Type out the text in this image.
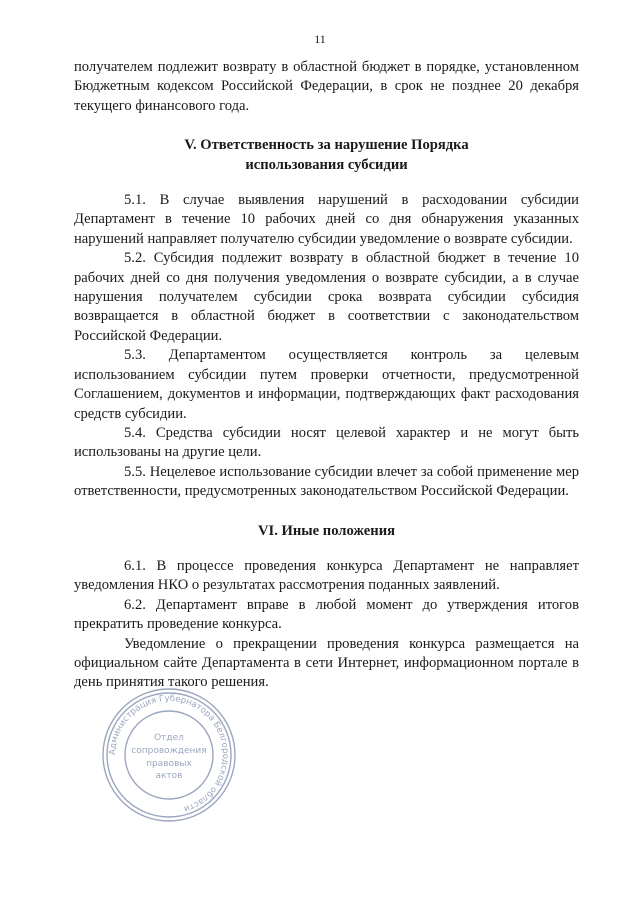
11

получателем подлежит возврату в областной бюджет в порядке, установленном Бюджетным кодексом Российской Федерации, в срок не позднее 20 декабря текущего финансового года.

V. Ответственность за нарушение Порядка

использования субсидии

5.1. В случае выявления нарушений в расходовании субсидии Департамент в течение 10 рабочих дней со дня обнаружения указанных нарушений направляет получателю субсидии уведомление о возврате субсидии.

5.2. Субсидия подлежит возврату в областной бюджет в течение 10 рабочих дней со дня получения уведомления о возврате субсидии, а в случае нарушения получателем субсидии срока возврата субсидии субсидия возвращается в областной бюджет в соответствии с законодательством Российской Федерации.

5.3. Департаментом осуществляется контроль за целевым использованием субсидии путем проверки отчетности, предусмотренной Соглашением, документов и информации, подтверждающих факт расходования средств субсидии.

5.4. Средства субсидии носят целевой характер и не могут быть использованы на другие цели.

5.5. Нецелевое использование субсидии влечет за собой применение мер ответственности, предусмотренных законодательством Российской Федерации.

VI. Иные положения

6.1. В процессе проведения конкурса Департамент не направляет уведомления НКО о результатах рассмотрения поданных заявлений.

6.2. Департамент вправе в любой момент до утверждения итогов прекратить проведение конкурса.

Уведомление о прекращении проведения конкурса размещается на официальном сайте Департамента в сети Интернет, информационном портале в день принятия такого решения.

Администрация Губернатора Белгородской области
Отдел
сопровождения
правовых
актов
